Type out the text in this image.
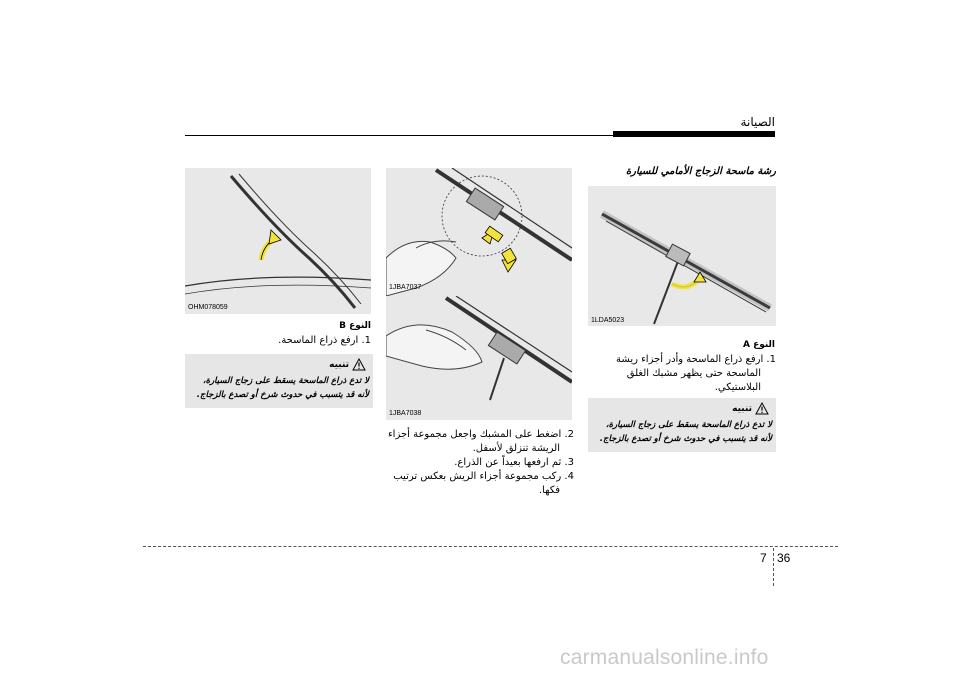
الصيانة
رشة ماسحة الزجاج الأمامي للسيارة
1LDA5023
النوع A
1. ارفع ذراع الماسحة وأدر أجزاء ريشة
الماسحة حتى يظهر مشبك الغلق
البلاستيكي.
تنبيه
لا تدع ذراع الماسحة يسقط على زجاج السيارة،
لأنه قد يتسبب في حدوث شرخ أو تصدع بالزجاج.
1JBA7037
1JBA7038
2. اضغط على المشبك واجعل مجموعة أجزاء
الريشة تنزلق لأسفل.
3. ثم ارفعها بعيداً عن الذراع.
4. ركب مجموعة أجزاء الريش بعكس ترتيب
فكها.
OHM078059
النوع B
1. ارفع ذراع الماسحة.
تنبيه
لا تدع ذراع الماسحة يسقط على زجاج السيارة،
لأنه قد يتسبب في حدوث شرخ أو تصدع بالزجاج.
7 36
carmanualsonline.info
